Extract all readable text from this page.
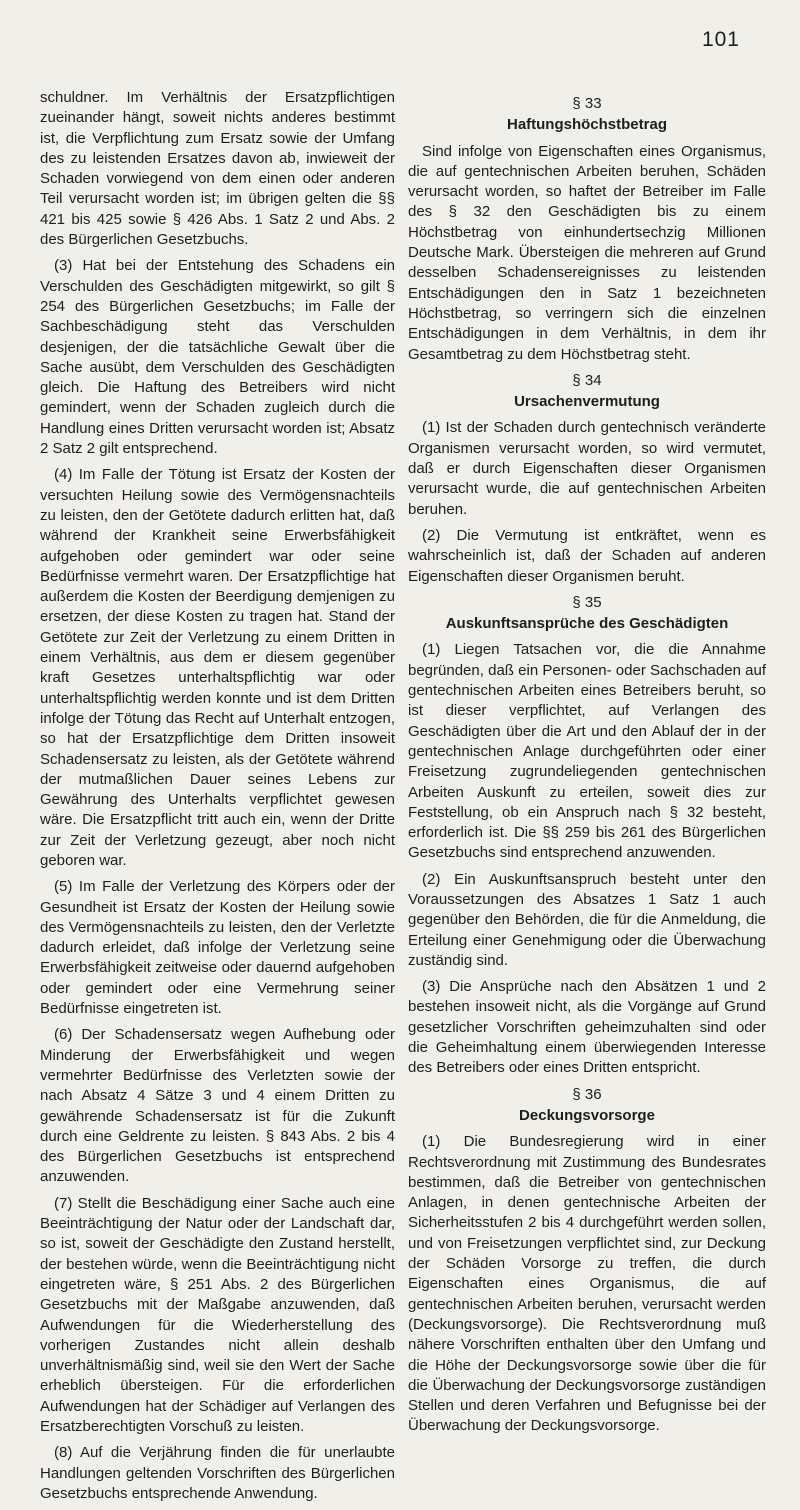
101

schuldner. Im Verhältnis der Ersatzpflichtigen zueinander hängt, soweit nichts anderes bestimmt ist, die Verpflichtung zum Ersatz sowie der Umfang des zu leistenden Ersatzes davon ab, inwieweit der Schaden vorwiegend von dem einen oder anderen Teil verursacht worden ist; im übrigen gelten die §§ 421 bis 425 sowie § 426 Abs. 1 Satz 2 und Abs. 2 des Bürgerlichen Gesetzbuchs.

(3) Hat bei der Entstehung des Schadens ein Verschulden des Geschädigten mitgewirkt, so gilt § 254 des Bürgerlichen Gesetzbuchs; im Falle der Sachbeschädigung steht das Verschulden desjenigen, der die tatsächliche Gewalt über die Sache ausübt, dem Verschulden des Geschädigten gleich. Die Haftung des Betreibers wird nicht gemindert, wenn der Schaden zugleich durch die Handlung eines Dritten verursacht worden ist; Absatz 2 Satz 2 gilt entsprechend.

(4) Im Falle der Tötung ist Ersatz der Kosten der versuchten Heilung sowie des Vermögensnachteils zu leisten, den der Getötete dadurch erlitten hat, daß während der Krankheit seine Erwerbsfähigkeit aufgehoben oder gemindert war oder seine Bedürfnisse vermehrt waren. Der Ersatzpflichtige hat außerdem die Kosten der Beerdigung demjenigen zu ersetzen, der diese Kosten zu tragen hat. Stand der Getötete zur Zeit der Verletzung zu einem Dritten in einem Verhältnis, aus dem er diesem gegenüber kraft Gesetzes unterhaltspflichtig war oder unterhaltspflichtig werden konnte und ist dem Dritten infolge der Tötung das Recht auf Unterhalt entzogen, so hat der Ersatzpflichtige dem Dritten insoweit Schadensersatz zu leisten, als der Getötete während der mutmaßlichen Dauer seines Lebens zur Gewährung des Unterhalts verpflichtet gewesen wäre. Die Ersatzpflicht tritt auch ein, wenn der Dritte zur Zeit der Verletzung gezeugt, aber noch nicht geboren war.

(5) Im Falle der Verletzung des Körpers oder der Gesundheit ist Ersatz der Kosten der Heilung sowie des Vermögensnachteils zu leisten, den der Verletzte dadurch erleidet, daß infolge der Verletzung seine Erwerbsfähigkeit zeitweise oder dauernd aufgehoben oder gemindert oder eine Vermehrung seiner Bedürfnisse eingetreten ist.

(6) Der Schadensersatz wegen Aufhebung oder Minderung der Erwerbsfähigkeit und wegen vermehrter Bedürfnisse des Verletzten sowie der nach Absatz 4 Sätze 3 und 4 einem Dritten zu gewährende Schadensersatz ist für die Zukunft durch eine Geldrente zu leisten. § 843 Abs. 2 bis 4 des Bürgerlichen Gesetzbuchs ist entsprechend anzuwenden.

(7) Stellt die Beschädigung einer Sache auch eine Beeinträchtigung der Natur oder der Landschaft dar, so ist, soweit der Geschädigte den Zustand herstellt, der bestehen würde, wenn die Beeinträchtigung nicht eingetreten wäre, § 251 Abs. 2 des Bürgerlichen Gesetzbuchs mit der Maßgabe anzuwenden, daß Aufwendungen für die Wiederherstellung des vorherigen Zustandes nicht allein deshalb unverhältnismäßig sind, weil sie den Wert der Sache erheblich übersteigen. Für die erforderlichen Aufwendungen hat der Schädiger auf Verlangen des Ersatzberechtigten Vorschuß zu leisten.

(8) Auf die Verjährung finden die für unerlaubte Handlungen geltenden Vorschriften des Bürgerlichen Gesetzbuchs entsprechende Anwendung.

§ 33
Haftungshöchstbetrag

Sind infolge von Eigenschaften eines Organismus, die auf gentechnischen Arbeiten beruhen, Schäden verursacht worden, so haftet der Betreiber im Falle des § 32 den Geschädigten bis zu einem Höchstbetrag von einhundertsechzig Millionen Deutsche Mark. Übersteigen die mehreren auf Grund desselben Schadensereignisses zu leistenden Entschädigungen den in Satz 1 bezeichneten Höchstbetrag, so verringern sich die einzelnen Entschädigungen in dem Verhältnis, in dem ihr Gesamtbetrag zu dem Höchstbetrag steht.

§ 34
Ursachenvermutung

(1) Ist der Schaden durch gentechnisch veränderte Organismen verursacht worden, so wird vermutet, daß er durch Eigenschaften dieser Organismen verursacht wurde, die auf gentechnischen Arbeiten beruhen.

(2) Die Vermutung ist entkräftet, wenn es wahrscheinlich ist, daß der Schaden auf anderen Eigenschaften dieser Organismen beruht.

§ 35
Auskunftsansprüche des Geschädigten

(1) Liegen Tatsachen vor, die die Annahme begründen, daß ein Personen- oder Sachschaden auf gentechnischen Arbeiten eines Betreibers beruht, so ist dieser verpflichtet, auf Verlangen des Geschädigten über die Art und den Ablauf der in der gentechnischen Anlage durchgeführten oder einer Freisetzung zugrundeliegenden gentechnischen Arbeiten Auskunft zu erteilen, soweit dies zur Feststellung, ob ein Anspruch nach § 32 besteht, erforderlich ist. Die §§ 259 bis 261 des Bürgerlichen Gesetzbuchs sind entsprechend anzuwenden.

(2) Ein Auskunftsanspruch besteht unter den Voraussetzungen des Absatzes 1 Satz 1 auch gegenüber den Behörden, die für die Anmeldung, die Erteilung einer Genehmigung oder die Überwachung zuständig sind.

(3) Die Ansprüche nach den Absätzen 1 und 2 bestehen insoweit nicht, als die Vorgänge auf Grund gesetzlicher Vorschriften geheimzuhalten sind oder die Geheimhaltung einem überwiegenden Interesse des Betreibers oder eines Dritten entspricht.

§ 36
Deckungsvorsorge

(1) Die Bundesregierung wird in einer Rechtsverordnung mit Zustimmung des Bundesrates bestimmen, daß die Betreiber von gentechnischen Anlagen, in denen gentechnische Arbeiten der Sicherheitsstufen 2 bis 4 durchgeführt werden sollen, und von Freisetzungen verpflichtet sind, zur Deckung der Schäden Vorsorge zu treffen, die durch Eigenschaften eines Organismus, die auf gentechnischen Arbeiten beruhen, verursacht werden (Deckungsvorsorge). Die Rechtsverordnung muß nähere Vorschriften enthalten über den Umfang und die Höhe der Deckungsvorsorge sowie über die für die Überwachung der Deckungsvorsorge zuständigen Stellen und deren Verfahren und Befugnisse bei der Überwachung der Deckungsvorsorge.
